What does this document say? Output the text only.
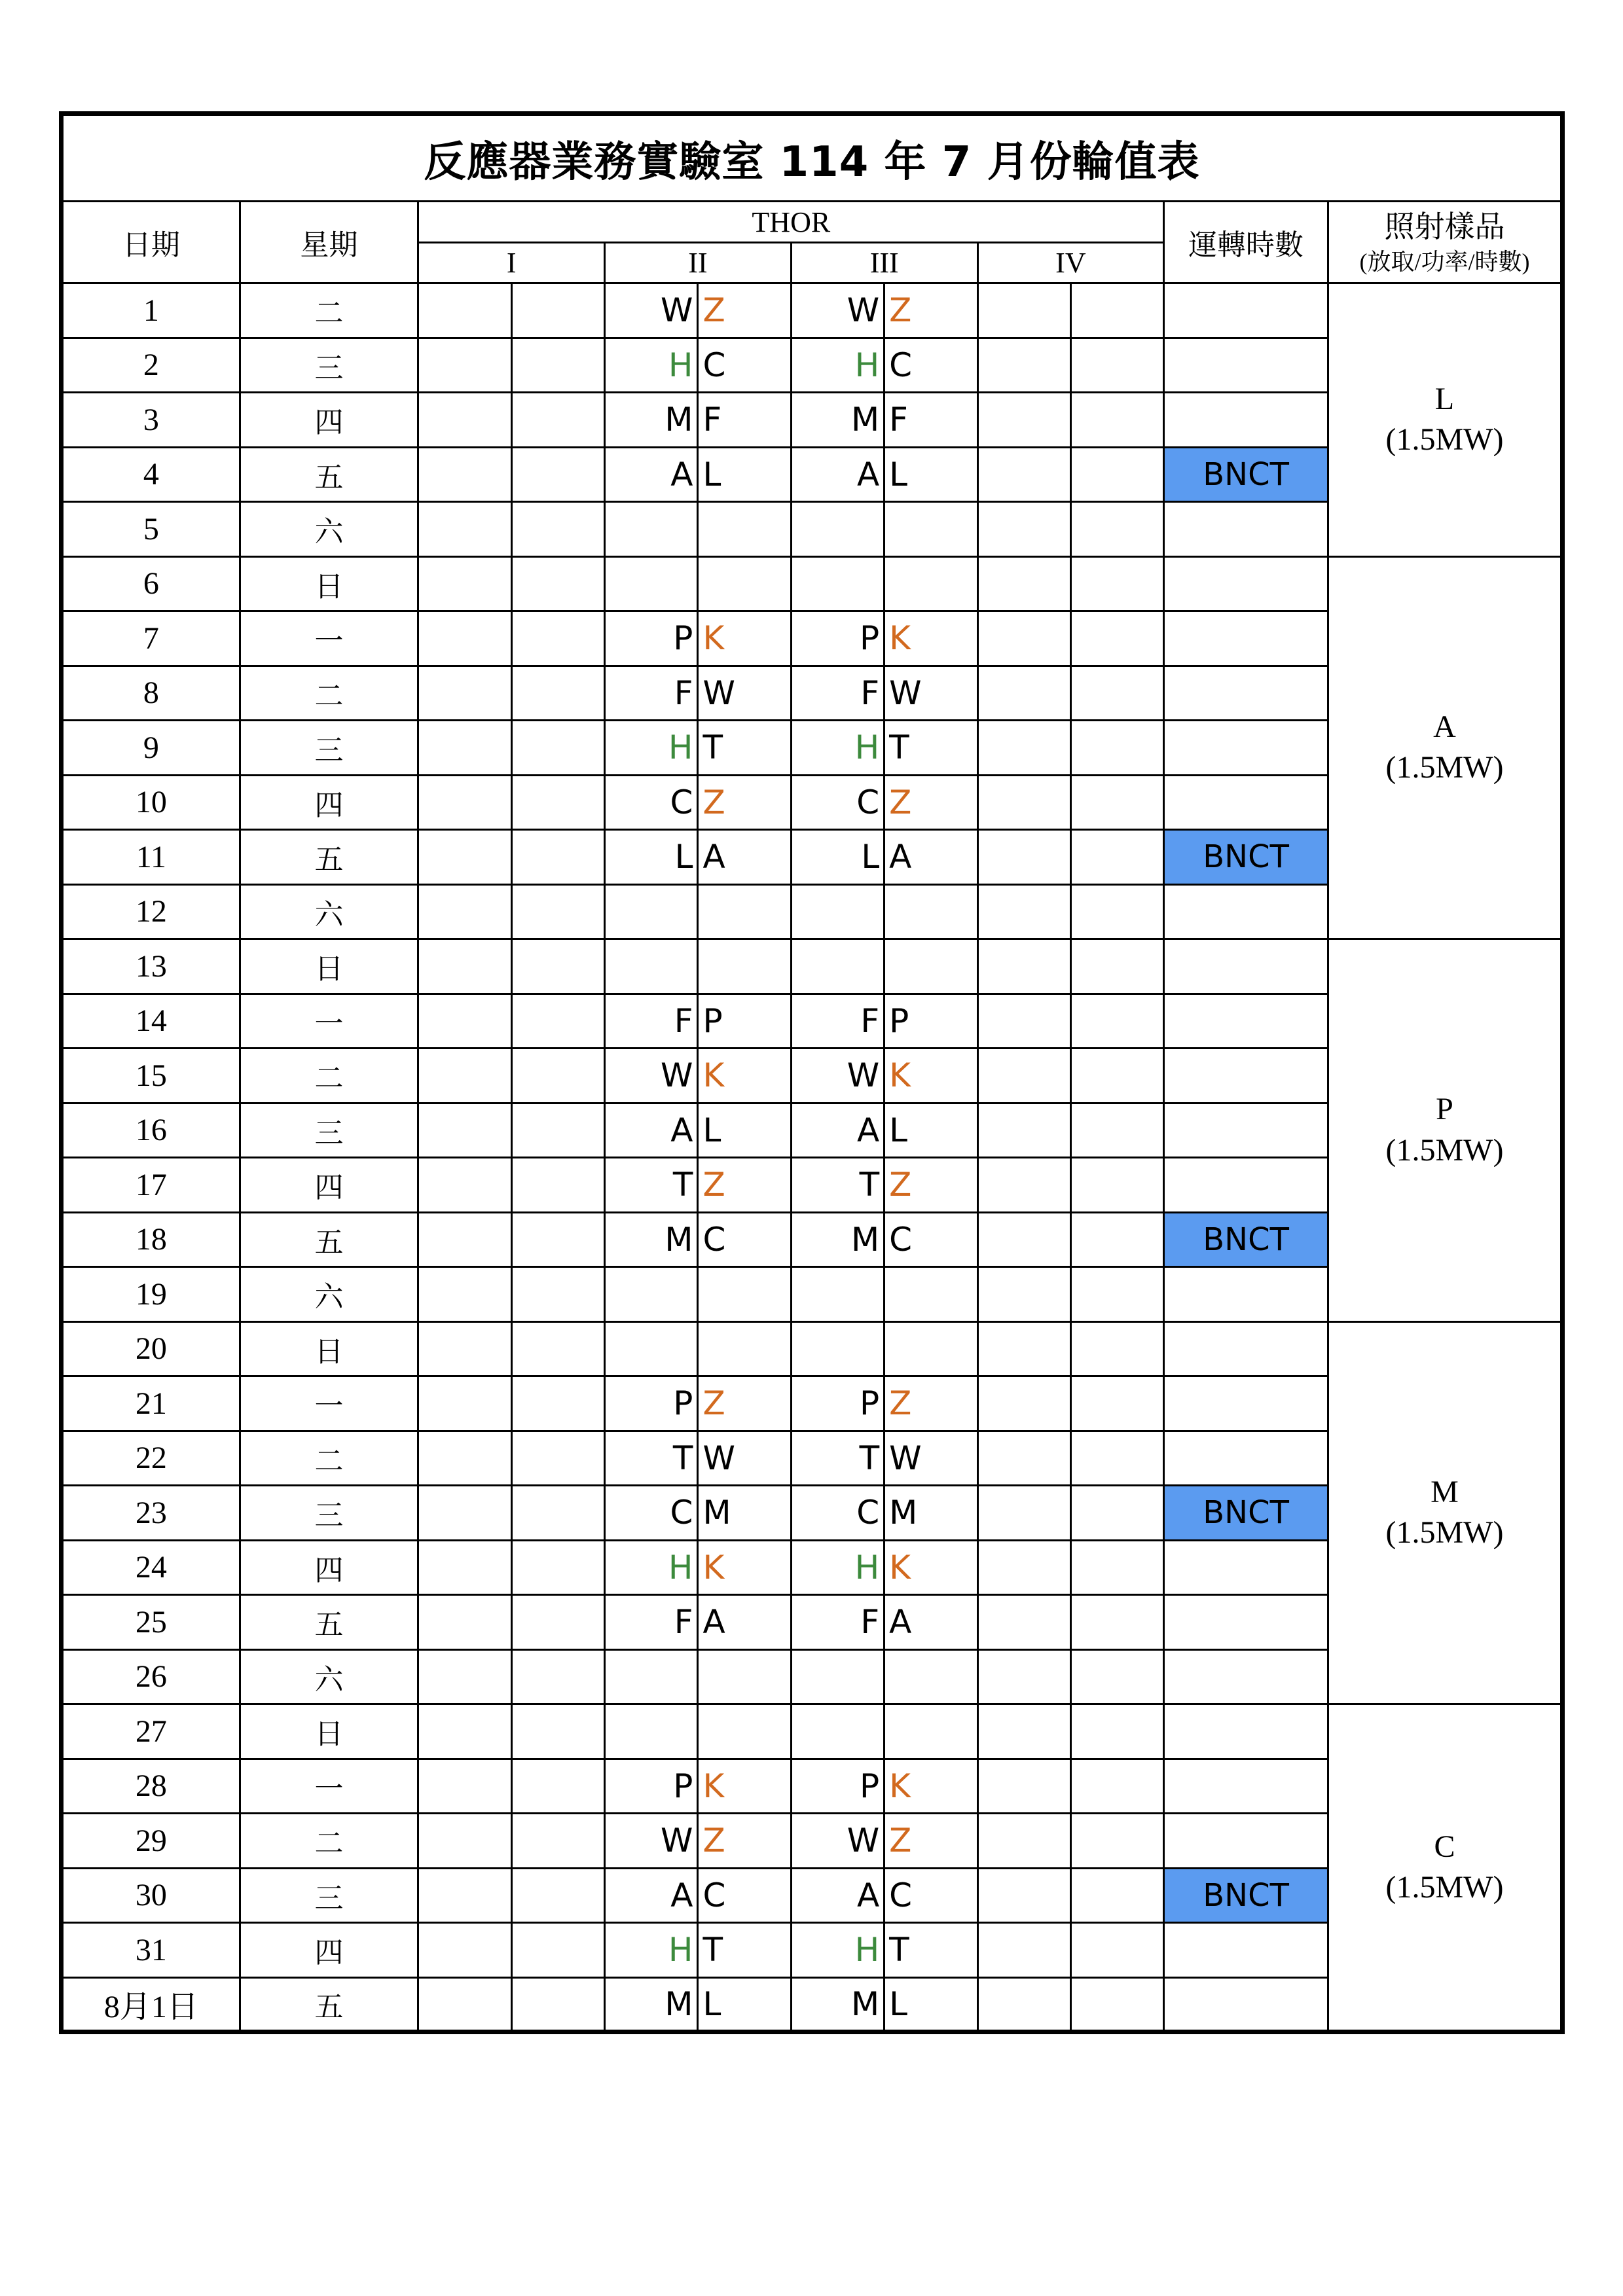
反應器業務實驗室 114 年 7 月份輪值表											
日期	星期	THOR								運轉時數	照射樣品
(放取/功率/時數)

		I		II		III		IV			
1	二			W	Z	W	Z				L
(1.5MW)

2	三			H	C	H	C				
3	四			M	F	M	F				
4	五			A	L	A	L			BNCT	
5	六										
6	日										A
(1.5MW)

7	一			P	K	P	K				
8	二			F	W	F	W				
9	三			H	T	H	T				
10	四			C	Z	C	Z				
11	五			L	A	L	A			BNCT	
12	六										
13	日										P
(1.5MW)

14	一			F	P	F	P				
15	二			W	K	W	K				
16	三			A	L	A	L				
17	四			T	Z	T	Z				
18	五			M	C	M	C			BNCT	
19	六										
20	日										M
(1.5MW)

21	一			P	Z	P	Z				
22	二			T	W	T	W				
23	三			C	M	C	M			BNCT	
24	四			H	K	H	K				
25	五			F	A	F	A				
26	六										
27	日										C
(1.5MW)

28	一			P	K	P	K				
29	二			W	Z	W	Z				
30	三			A	C	A	C			BNCT	
31	四			H	T	H	T				
8月1日	五			M	L	M	L				
